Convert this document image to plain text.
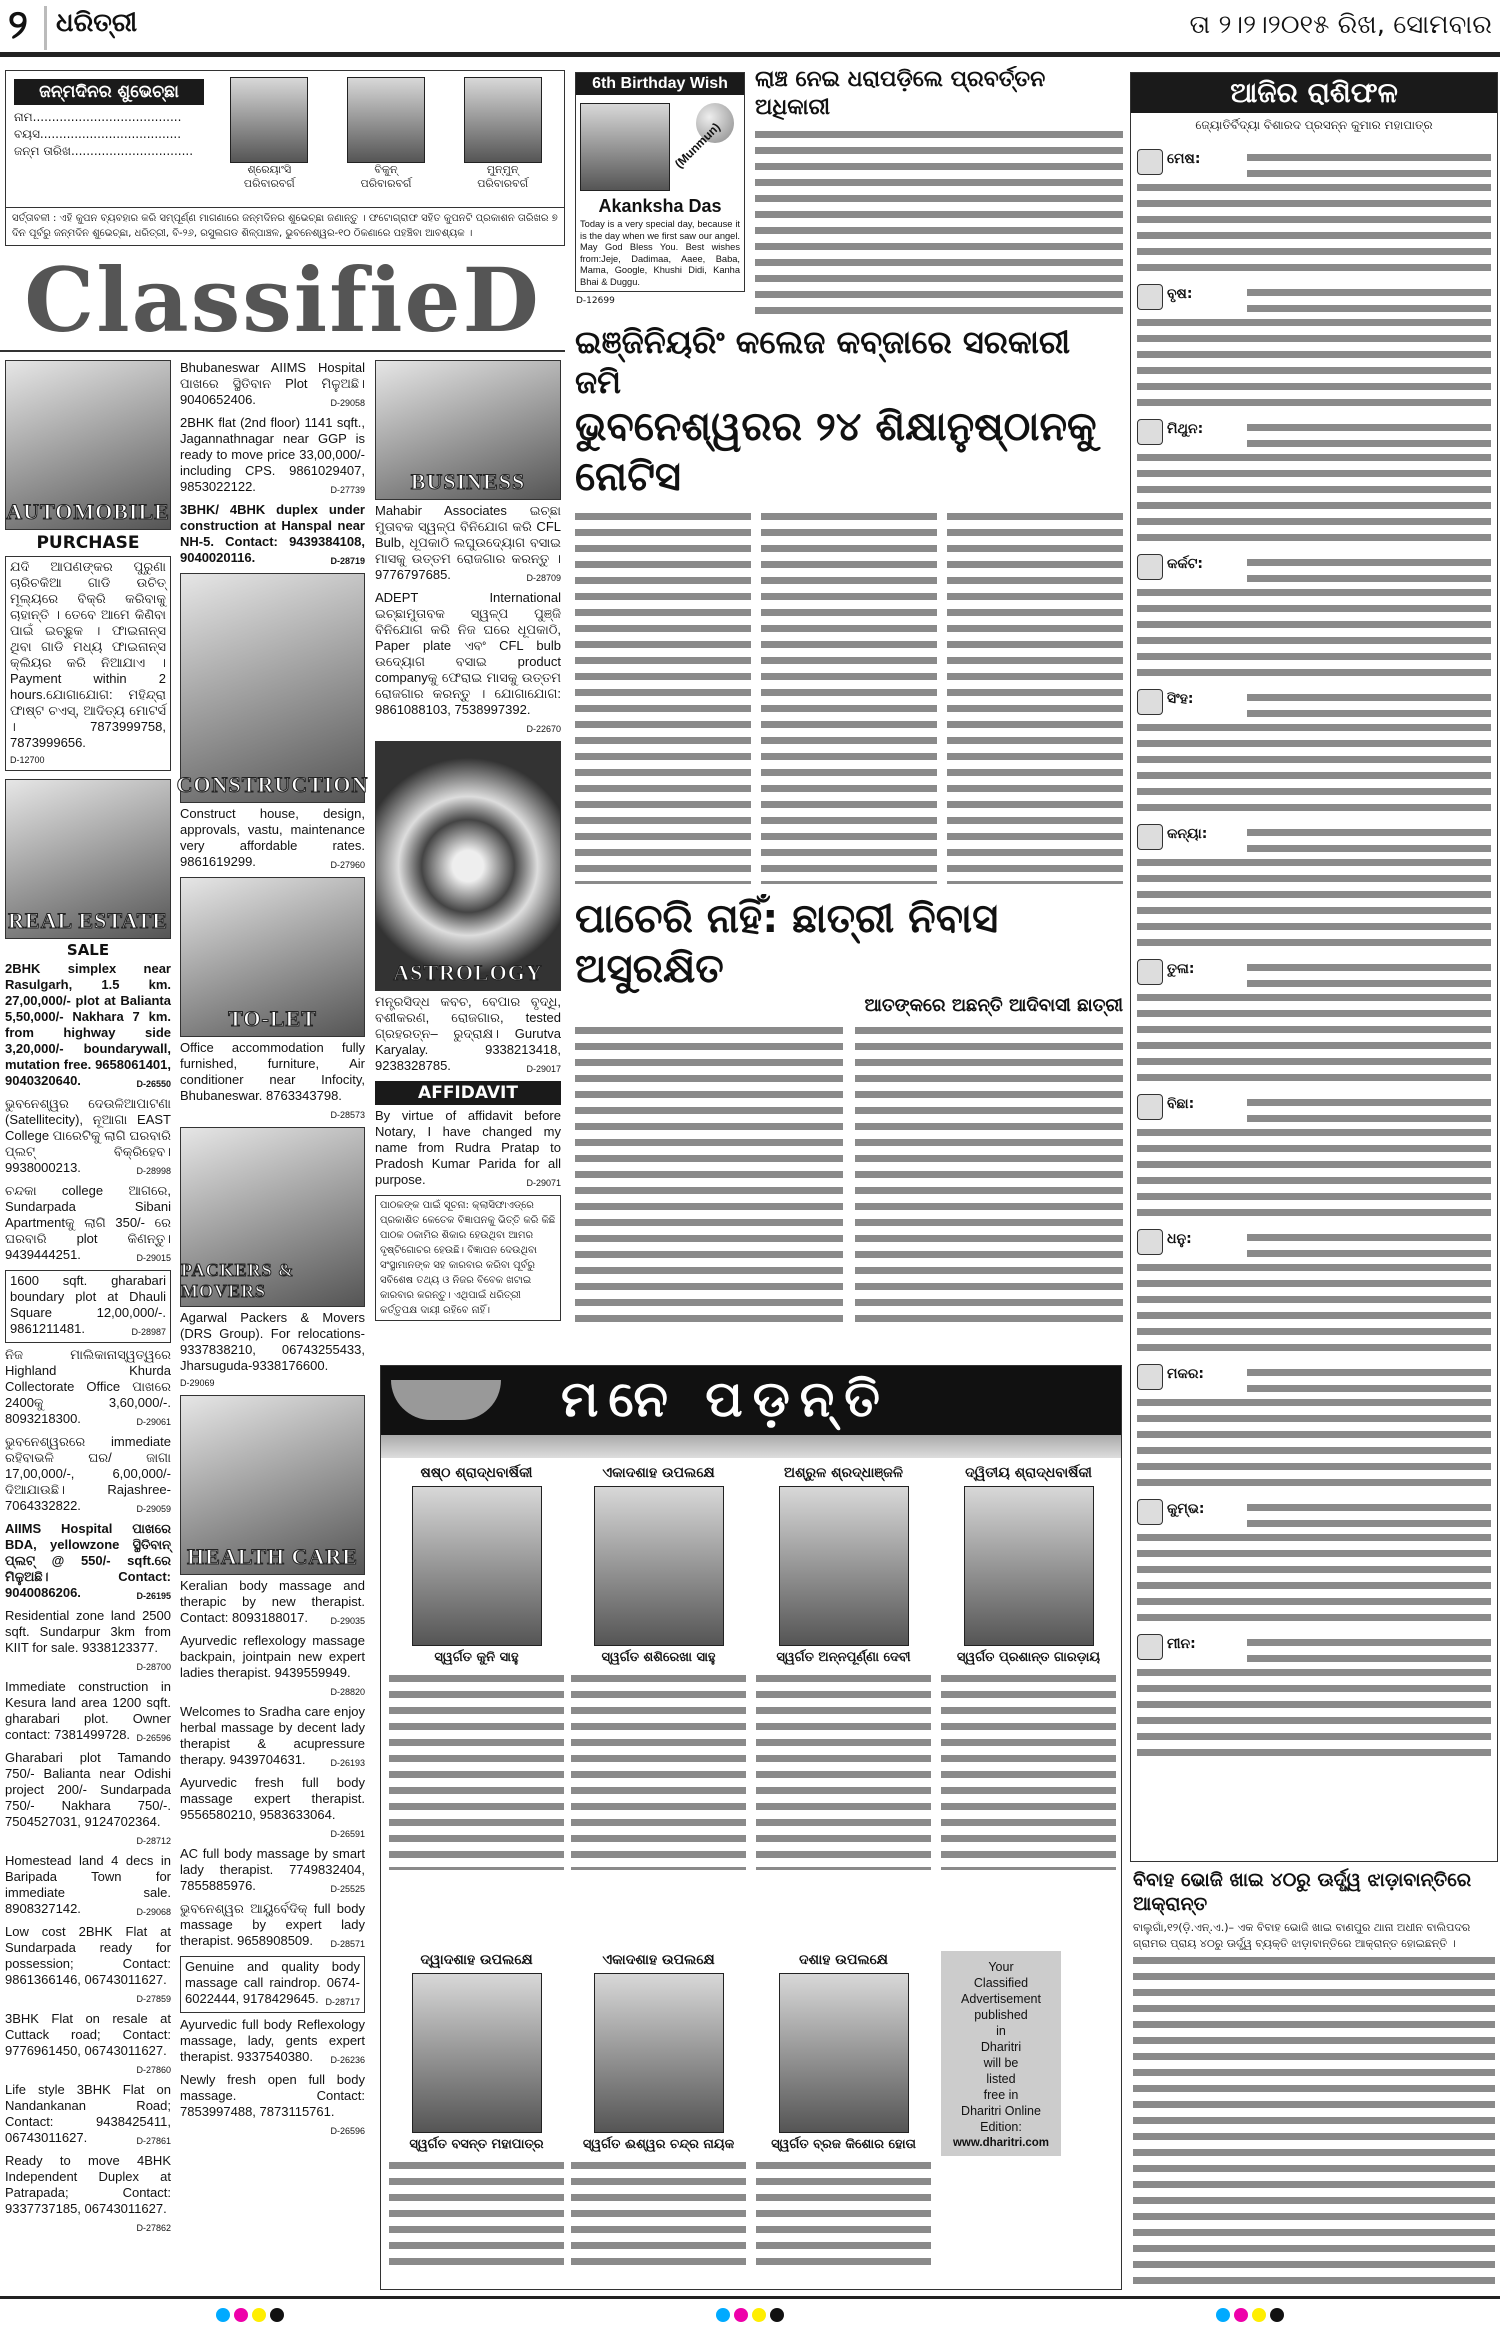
୨ ଧରିତ୍ରୀ	ତା ୨।୨।୨୦୧୫ ରିଖ, ସୋମବାର
ଜନ୍ମଦିନର ଶୁଭେଚ୍ଛା
ନାମ.......................................
ବୟସ.....................................
ଜନ୍ମ ତାରିଖ................................
ଶ୍ରେୟାଂସି
ପରିବାରବର୍ଗ
ବିକୁନ୍
ପରିବାରବର୍ଗ
ମୁନ୍‌ମୁନ୍
ପରିବାରବର୍ଗ
ସର୍ତ୍ତାବଳୀ : ଏହି କୁପନ ବ୍ୟବହାର କରି ସମ୍ପୂର୍ଣ୍ଣ ମାଗଣାରେ ଜନ୍ମଦିନର ଶୁଭେଚ୍ଛା ଜଣାନ୍ତୁ । ଫଟୋଗ୍ରାଫ ସହିତ କୁପନଟି ପ୍ରକାଶନ ତାରିଖର ୭ ଦିନ ପୂର୍ବରୁ ଜନ୍ମଦିନ ଶୁଭେଚ୍ଛା, ଧରିତ୍ରୀ, ବି-୨୬, ରସୁଲଗଡ ଶିଳ୍ପାଞ୍ଚଳ, ଭୁବନେଶ୍ୱର-୧୦ ଠିକଣାରେ ପହଞ୍ଚିବା ଆବଶ୍ୟକ ।
ClassifieD
AUTOMOBILE
PURCHASE
ଯଦି ଆପଣଙ୍କର ପୁରୁଣା ଚାରିଚକିଆ ଗାଡି ଉଚିତ୍ ମୂଲ୍ୟରେ ବିକ୍ରି କରିବାକୁ ଚାହାନ୍ତି । ତେବେ ଆମେ କିଣିବା ପାଇଁ ଇଚ୍ଛୁକ । ଫାଇନାନ୍ସ ଥିବା ଗାଡି ମଧ୍ୟ ଫାଇନାନ୍ସ କ୍ଲିୟର କରି ନିଆଯାଏ । Payment within 2 hours.ଯୋଗାଯୋଗ: ମହିନ୍ଦ୍ରା ଫାଷ୍ଟ ଚଏସ୍, ଆଦିତ୍ୟ ମୋଟର୍ସ । 7873999758, 7873999656.
D-12700
REAL ESTATE
SALE
2BHK simplex near Rasulgarh, 1.5 km. 27,00,000/- plot at Balianta 5,50,000/- Nakhara 7 km. from highway side 3,20,000/- boundarywall, mutation free. 9658061401, 9040320640.	D-26550
ଭୁବନେଶ୍ୱର ଦେଉଳିଆପାଟଣା (Satellitecity), ନୂଆଗା EAST College ପାରେଟିକୁ ଲାଗି ଘରବାରି ପ୍ଲଟ୍ ବିକ୍ରିହେବ। 9938000213.	D-28998
ଚନ୍ଦକା college ଆଗରେ, Sundarpada Sibani Apartmentକୁ ଲାଗି 350/- ରେ ଘରବାରି plot କିଣନ୍ତୁ। 9439444251.	D-29015
1600 sqft. gharabari boundary plot at Dhauli Square 12,00,000/-. 9861211481.	D-28987
ନିଜ ମାଲିକାନାସ୍ୱତ୍ୱରେ Highland Khurda Collectorate Office ପାଖରେ 2400କୁ 3,60,000/-. 8093218300.	D-29061
ଭୁବନେଶ୍ୱରରେ immediate ରହିବାଭଳି ଘର/ ଜାଗା 17,00,000/-, 6,00,000/- ଦିଆଯାଉଛି। Rajashree-7064332822.	D-29059
AIIMS Hospital ପାଖରେ BDA, yellowzone ସ୍ଥିତିବାନ୍ ପ୍ଲଟ୍ @ 550/- sqft.ରେ ମିଳୁଅଛି। Contact: 9040086206.	D-26195
Residential zone land 2500 sqft. Sundarpur 3km from KIIT for sale. 9338123377.
D-28700
Immediate construction in Kesura land area 1200 sqft. gharabari plot. Owner contact: 7381499728. D-26596
Gharabari plot Tamando 750/- Balianta near Odishi project 200/- Sundarpada 750/- Nakhara 750/-. 7504527031, 9124702364.
D-28712
Homestead land 4 decs in Baripada Town for immediate sale. 8908327142.	D-29068
Low cost 2BHK Flat at Sundarpada ready for possession; Contact: 9861366146, 06743011627.
D-27859
3BHK Flat on resale at Cuttack road; Contact: 9776961450, 06743011627.
D-27860
Life style 3BHK Flat on Nandankanan Road; Contact: 9438425411, 06743011627.	D-27861
Ready to move 4BHK Independent Duplex at Patrapada; Contact: 9337737185, 06743011627.
D-27862
Bhubaneswar AIIMS Hospital ପାଖରେ ସ୍ଥିତିବାନ Plot ମିଳୁଅଛି। 9040652406.	D-29058
2BHK flat (2nd floor) 1141 sqft., Jagannathnagar near GGP is ready to move price 33,00,000/- including CPS. 9861029407, 9853022122.	D-27739
3BHK/ 4BHK duplex under construction at Hanspal near NH-5. Contact: 9439384108, 9040020116.	D-28719
CONSTRUCTION
Construct house, design, approvals, vastu, maintenance very affordable rates. 9861619299.	D-27960
TO-LET
Office accommodation fully furnished, furniture, Air conditioner near Infocity, Bhubaneswar. 8763343798.
D-28573
PACKERS & MOVERS
Agarwal Packers & Movers (DRS Group). For relocations- 9337838210, 06743255433, Jharsuguda-9338176600.
D-29069
HEALTH CARE
Keralian body massage and therapic by new therapist. Contact: 8093188017.	D-29035
Ayurvedic reflexology massage backpain, jointpain new expert ladies therapist. 9439559949.
D-28820
Welcomes to Sradha care enjoy herbal massage by decent lady therapist & acupressure therapy. 9439704631.	D-26193
Ayurvedic fresh full body massage expert therapist. 9556580210, 9583633064.
D-26591
AC full body massage by smart lady therapist. 7749832404, 7855885976.	D-25525
ଭୁବନେଶ୍ୱର ଆୟୁର୍ବେଦିକ୍ full body massage by expert lady therapist. 9658908509. D-28571
Genuine and quality body massage call raindrop. 0674- 6022444, 9178429645. D-28717
Ayurvedic full body Reflexology massage, lady, gents expert therapist. 9337540380. D-26236
Newly fresh open full body massage. Contact: 7853997488, 7873115761.
D-26596
BUSINESS
Mahabir Associates ଇଚ୍ଛା ମୁତାବକ ସ୍ୱଳ୍ପ ବିନିଯୋଗ କରି CFL Bulb, ଧୂପକାଠି ଲଘୁଉଦ୍ୟୋଗ ବସାଇ ମାସକୁ ଉତ୍ତମ ରୋଜଗାର କରନ୍ତୁ । 9776797685.	D-28709
ADEPT International ଇଚ୍ଛାମୁତାବକ ସ୍ୱଳ୍ପ ପୁଞ୍ଜି ବିନିଯୋଗ କରି ନିଜ ଘରେ ଧୂପକାଠି, Paper plate ଏବଂ CFL bulb ଉଦ୍ୟୋଗ ବସାଇ product companyକୁ ଫେରାଇ ମାସକୁ ଉତ୍ତମ ରୋଜଗାର କରନ୍ତୁ । ଯୋଗାଯୋଗ: 9861088103, 7538997392.
D-22670
ASTROLOGY
ମନ୍ତ୍ରସିଦ୍ଧ କବଚ, ବେପାର ବୃଦ୍ଧି, ବଶୀକରଣ, ରୋଜଗାର, tested ଗ୍ରହରତ୍ନ– ରୁଦ୍ରାକ୍ଷ। Gurutva Karyalay. 9338213418, 9238328785.	D-29017
AFFIDAVIT
By virtue of affidavit before Notary, I have changed my name from Rudra Pratap to Pradosh Kumar Parida for all purpose.	D-29071
ପାଠକଙ୍କ ପାଇଁ ସୂଚନା: କ୍ଲାସିଫାଏଡ୍‌ରେ ପ୍ରକାଶିତ କେତେକ ବିଜ୍ଞାପନକୁ ଭିତ୍ତି କରି କିଛି ପାଠକ ଠକାମିର ଶିକାର ହେଉଥିବା ଆମର ଦୃଷ୍ଟିଗୋଚର ହେଉଛି। ବିଜ୍ଞାପନ ଦେଉଥିବା ସଂସ୍ଥାମାନଙ୍କ ସହ କାରବାର କରିବା ପୂର୍ବରୁ ସବିଶେଷ ତଥ୍ୟ ଓ ନିଜର ବିବେକ ଖଟାଇ କାରବାର କରନ୍ତୁ। ଏଥିପାଇଁ ଧରିତ୍ରୀ କର୍ତ୍ତୃପକ୍ଷ ଦାୟୀ ରହିବେ ନାହିଁ।
6th Birthday Wish
(Munmun)
Akanksha Das
Today is a very special day, because it is the day when we first saw our angel. May God Bless You. Best wishes from:Jeje, Dadimaa, Aaee, Baba, Mama, Google, Khushi Didi, Kanha Bhai & Duggu.
D-12699
ଲାଞ୍ଚ ନେଇ ଧରାପଡ଼ିଲେ ପ୍ରବର୍ତ୍ତନ ଅଧିକାରୀ
ଇଞ୍ଜିନିୟରିଂ କଲେଜ କବ୍‌ଜାରେ ସରକାରୀ ଜମି
ଭୁବନେଶ୍ୱରର ୨୪ ଶିକ୍ଷାନୁଷ୍ଠାନକୁ ନୋଟିସ
ପାଚେରି ନାହିଁ: ଛାତ୍ରୀ ନିବାସ ଅସୁରକ୍ଷିତ
ଆତଙ୍କରେ ଅଛନ୍ତି ଆଦିବାସୀ ଛାତ୍ରୀ
ମନେ ପଡ଼ନ୍ତି
ଷଷ୍ଠ ଶ୍ରାଦ୍ଧବାର୍ଷିକୀ
ସ୍ୱର୍ଗତ କୁନି ସାହୁ
ଏକାଦଶାହ ଉପଲକ୍ଷେ
ସ୍ୱର୍ଗତ ଶଶିରେଖା ସାହୁ
ଅଶ୍ରୁଳ ଶ୍ରଦ୍ଧାଞ୍ଜଳି
ସ୍ୱର୍ଗତ ଅନ୍ନପୂର୍ଣ୍ଣା ଦେବୀ
ଦ୍ୱିତୀୟ ଶ୍ରାଦ୍ଧବାର୍ଷିକୀ
ସ୍ୱର୍ଗତ ପ୍ରଶାନ୍ତ ଗାରଡ଼ାୟ
ଦ୍ୱାଦଶାହ ଉପଲକ୍ଷେ
ସ୍ୱର୍ଗତ ବସନ୍ତ ମହାପାତ୍ର
ଏକାଦଶାହ ଉପଲକ୍ଷେ
ସ୍ୱର୍ଗତ ଈଶ୍ୱର ଚନ୍ଦ୍ର ନାୟକ
ଦଶାହ ଉପଲକ୍ଷେ
ସ୍ୱର୍ଗତ ବ୍ରଜ କିଶୋର ହୋତା
Your
Classified
Advertisement
published
in
Dharitri
will be
listed
free in
Dharitri Online
Edition:
www.dharitri.com
ଆଜିର ରାଶିଫଳ
ଜ୍ୟୋତିର୍ବିଦ୍ୟା ବିଶାରଦ ପ୍ରସନ୍ନ କୁମାର ମହାପାତ୍ର
ମେଷ:
ବୃଷ:
ମିଥୁନ:
କର୍କଟ:
ସିଂହ:
କନ୍ୟା:
ତୁଳା:
ବିଛା:
ଧନୁ:
ମକର:
କୁମ୍ଭ:
ମୀନ:
ବିବାହ ଭୋଜି ଖାଇ ୪୦ରୁ ଊର୍ଦ୍ଧ୍ୱ ଝାଡ଼ାବାନ୍ତିରେ ଆକ୍ରାନ୍ତ
ବାଲୁଗାଁ,୧୨(ଡ଼ି.ଏନ୍.ଏ.)– ଏକ ବିବାହ ଭୋଜି ଖାଇ ବାଣପୁର ଥାନା ଅଧୀନ ବାଲିପଦର ଗ୍ରାମର ପ୍ରାୟ ୪୦ରୁ ଊର୍ଦ୍ଧ୍ୱ ବ୍ୟକ୍ତି ଝାଡ଼ାବାନ୍ତିରେ ଆକ୍ରାନ୍ତ ହୋଇଛନ୍ତି ।
